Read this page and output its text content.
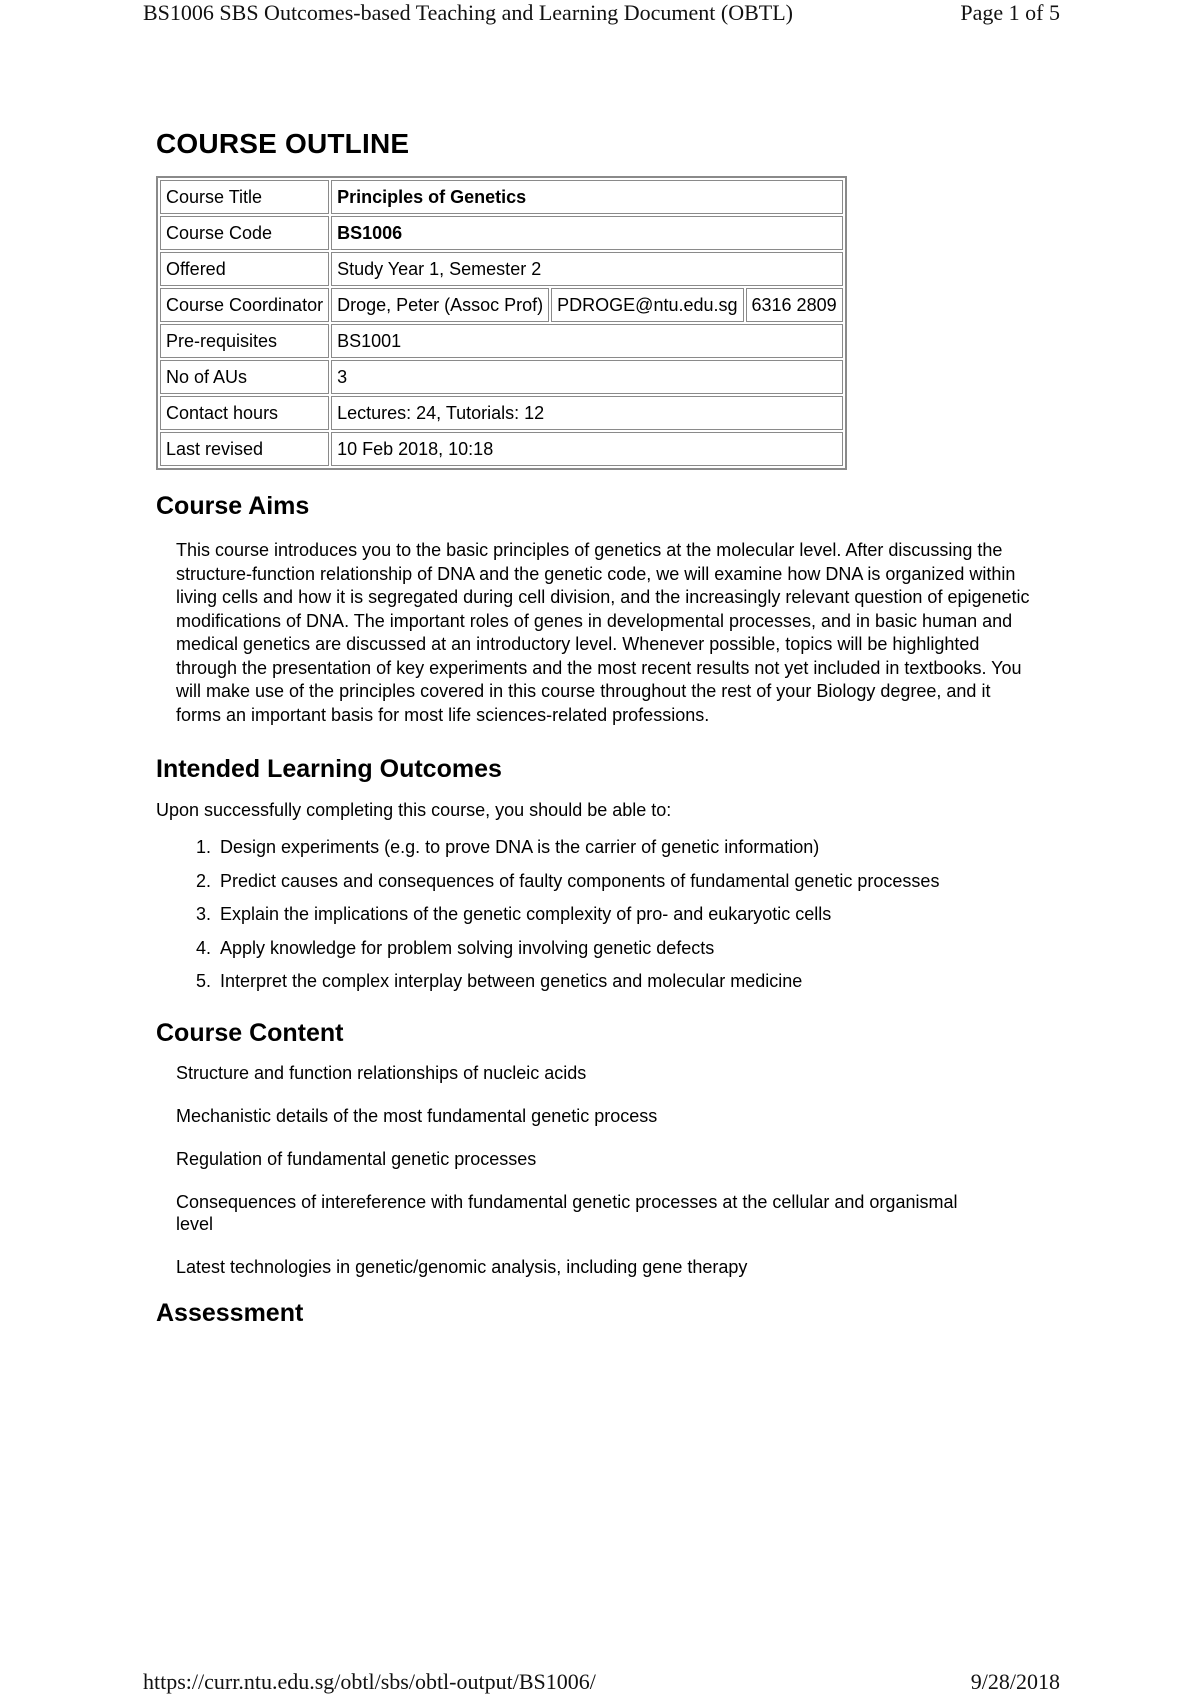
BS1006 SBS Outcomes-based Teaching and Learning Document (OBTL)	Page 1 of 5
COURSE OUTLINE
Course Title	Principles of Genetics		
Course Code	BS1006		
Offered	Study Year 1, Semester 2		
Course Coordinator	Droge, Peter (Assoc Prof)	PDROGE@ntu.edu.sg	6316 2809
Pre-requisites	BS1001		
No of AUs	3		
Contact hours	Lectures: 24, Tutorials: 12		
Last revised	10 Feb 2018, 10:18		
Course Aims
This course introduces you to the basic principles of genetics at the molecular level. After discussing the structure-function relationship of DNA and the genetic code, we will examine how DNA is organized within living cells and how it is segregated during cell division, and the increasingly relevant question of epigenetic modifications of DNA. The important roles of genes in developmental processes, and in basic human and medical genetics are discussed at an introductory level. Whenever possible, topics will be highlighted through the presentation of key experiments and the most recent results not yet included in textbooks. You will make use of the principles covered in this course throughout the rest of your Biology degree, and it forms an important basis for most life sciences-related professions.
Intended Learning Outcomes
Upon successfully completing this course, you should be able to:
1. Design experiments (e.g. to prove DNA is the carrier of genetic information)
2. Predict causes and consequences of faulty components of fundamental genetic processes
3. Explain the implications of the genetic complexity of pro- and eukaryotic cells
4. Apply knowledge for problem solving involving genetic defects
5. Interpret the complex interplay between genetics and molecular medicine
Course Content
Structure and function relationships of nucleic acids
Mechanistic details of the most fundamental genetic process
Regulation of fundamental genetic processes
Consequences of intereference with fundamental genetic processes at the cellular and organismal level
Latest technologies in genetic/genomic analysis, including gene therapy
Assessment
https://curr.ntu.edu.sg/obtl/sbs/obtl-output/BS1006/	9/28/2018
